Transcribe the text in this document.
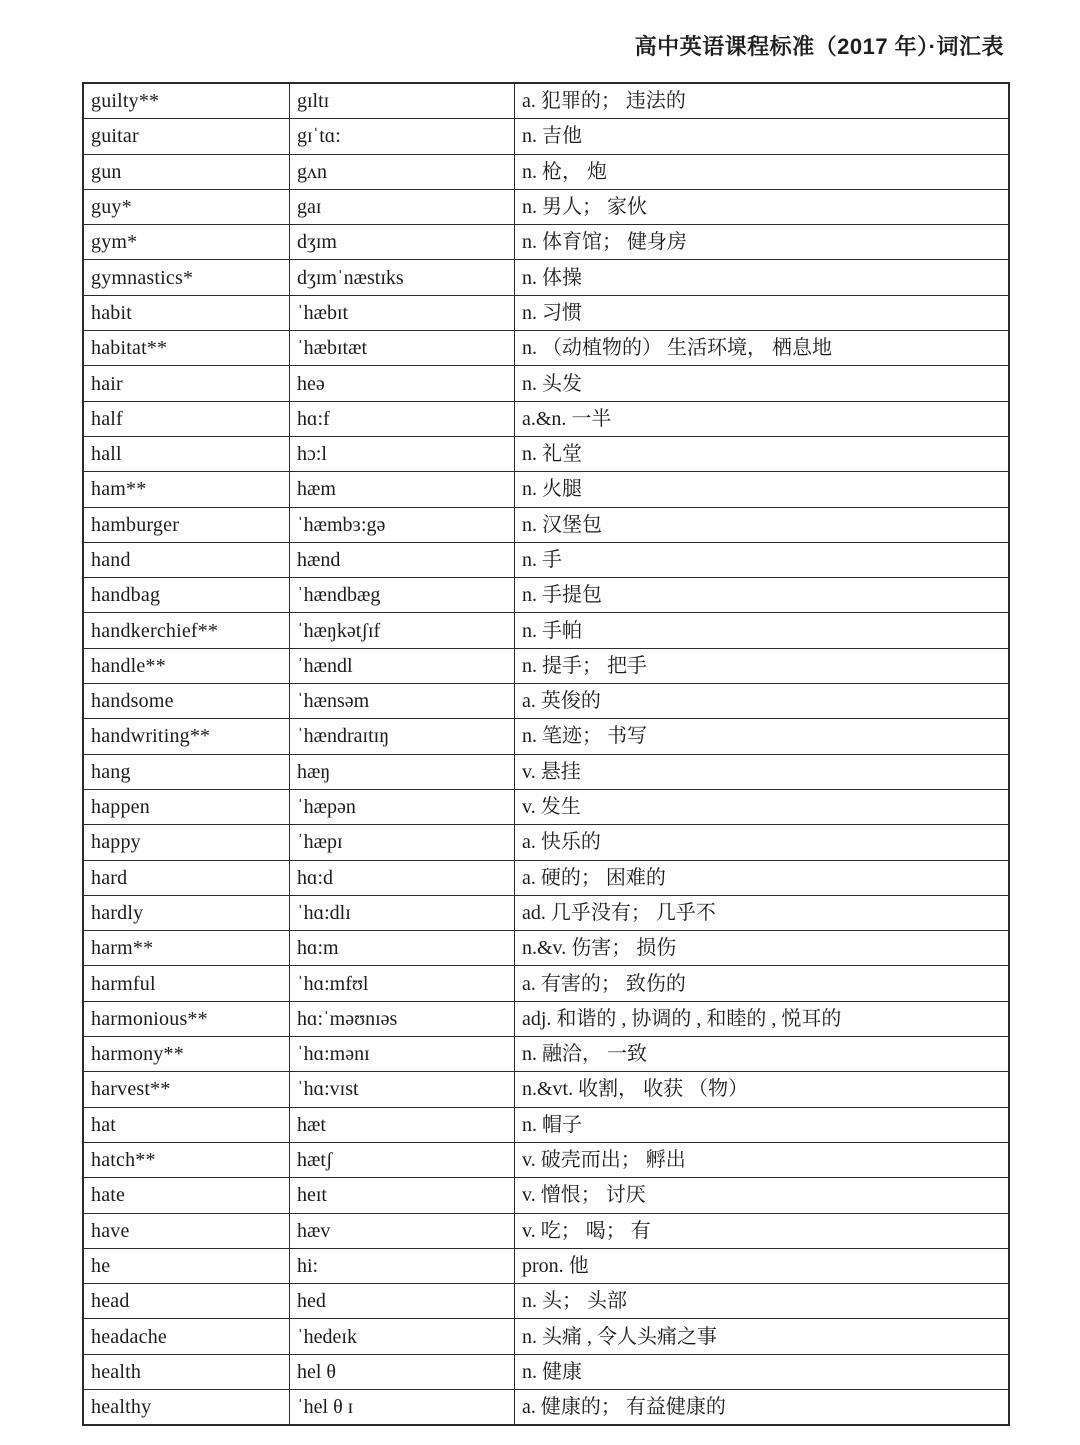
高中英语课程标准（2017 年）·词汇表
guilty**	gɪltɪ	a. 犯罪的； 违法的
guitar	gɪˈtɑ:	n. 吉他
gun	gʌn	n. 枪， 炮
guy*	gaɪ	n. 男人； 家伙
gym*	dʒɪm	n. 体育馆； 健身房
gymnastics*	dʒɪmˈnæstɪks	n. 体操
habit	ˈhæbɪt	n. 习惯
habitat**	ˈhæbɪtæt	n. （动植物的） 生活环境， 栖息地
hair	heə	n. 头发
half	hɑ:f	a.&n. 一半
hall	hɔ:l	n. 礼堂
ham**	hæm	n. 火腿
hamburger	ˈhæmbɜ:gə	n. 汉堡包
hand	hænd	n. 手
handbag	ˈhændbæg	n. 手提包
handkerchief**	ˈhæŋkətʃɪf	n. 手帕
handle**	ˈhændl	n. 提手； 把手
handsome	ˈhænsəm	a. 英俊的
handwriting**	ˈhændraɪtɪŋ	n. 笔迹； 书写
hang	hæŋ	v. 悬挂
happen	ˈhæpən	v. 发生
happy	ˈhæpɪ	a. 快乐的
hard	hɑ:d	a. 硬的； 困难的
hardly	ˈhɑ:dlɪ	ad. 几乎没有； 几乎不
harm**	hɑ:m	n.&v. 伤害； 损伤
harmful	ˈhɑ:mfʊl	a. 有害的； 致伤的
harmonious**	hɑ:ˈməʊnɪəs	adj. 和谐的 , 协调的 , 和睦的 , 悦耳的
harmony**	ˈhɑ:mənɪ	n. 融洽， 一致
harvest**	ˈhɑ:vɪst	n.&vt. 收割， 收获 （物）
hat	hæt	n. 帽子
hatch**	hætʃ	v. 破壳而出； 孵出
hate	heɪt	v. 憎恨； 讨厌
have	hæv	v. 吃； 喝； 有
he	hi:	pron. 他
head	hed	n. 头； 头部
headache	ˈhedeɪk	n. 头痛 , 令人头痛之事
health	hel θ	n. 健康
healthy	ˈhel θ ɪ	a. 健康的； 有益健康的
